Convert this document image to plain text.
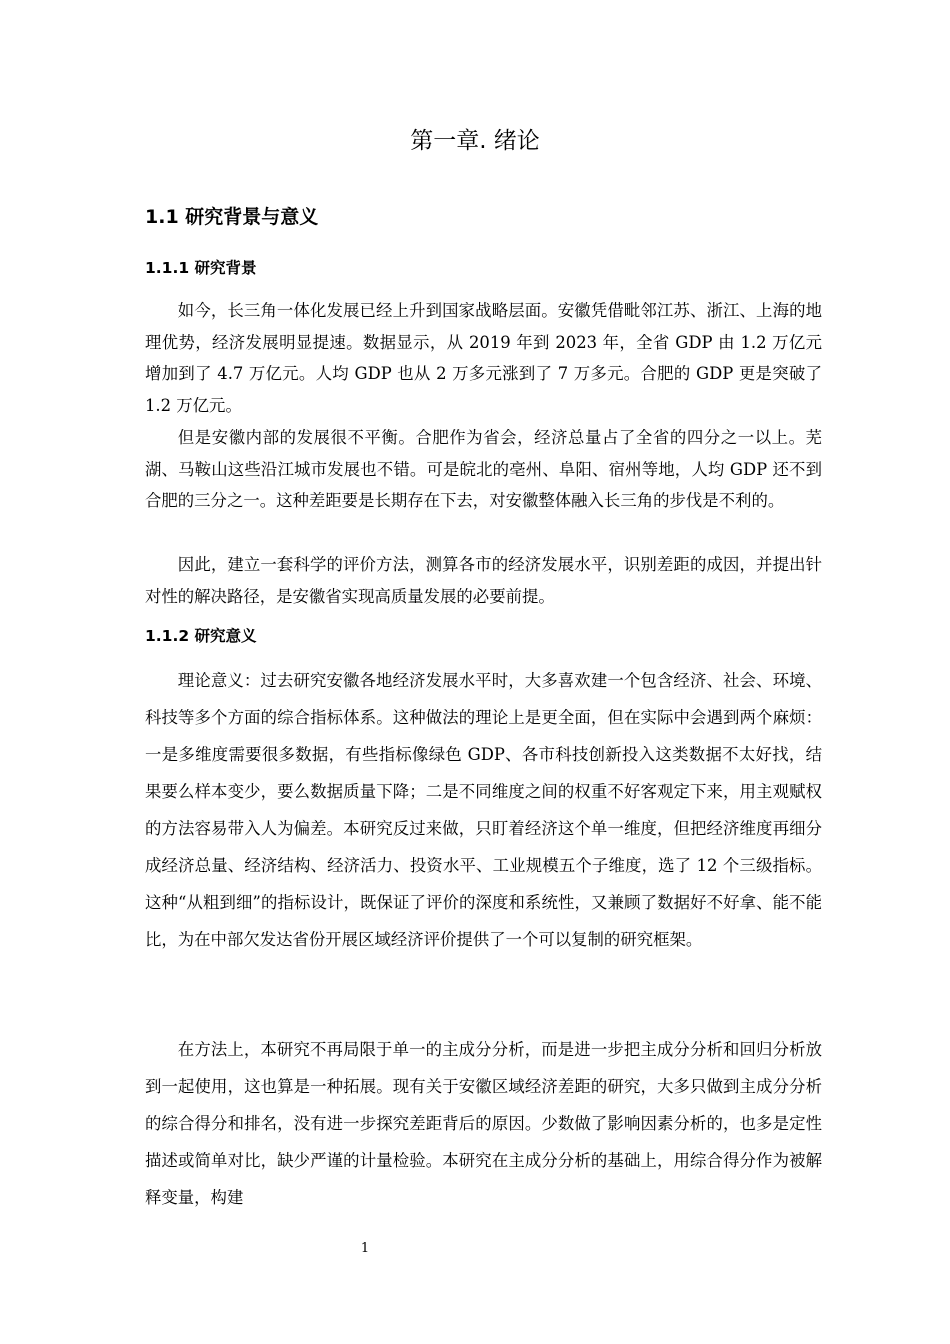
第一章. 绪论
1.1 研究背景与意义
1.1.1 研究背景

如今，长三角一体化发展已经上升到国家战略层面。安徽凭借毗邻江苏、浙江、上海的地理优势，经济发展明显提速。数据显示，从 2019 年到 2023 年，全省 GDP 由 1.2 万亿元增加到了 4.7 万亿元。人均 GDP 也从 2 万多元涨到了 7 万多元。合肥的 GDP 更是突破了 1.2 万亿元。

但是安徽内部的发展很不平衡。合肥作为省会，经济总量占了全省的四分之一以上。芜湖、马鞍山这些沿江城市发展也不错。可是皖北的亳州、阜阳、宿州等地，人均 GDP 还不到合肥的三分之一。这种差距要是长期存在下去，对安徽整体融入长三角的步伐是不利的。

因此，建立一套科学的评价方法，测算各市的经济发展水平，识别差距的成因，并提出针对性的解决路径，是安徽省实现高质量发展的必要前提。

1.1.2 研究意义

理论意义：过去研究安徽各地经济发展水平时，大多喜欢建一个包含经济、社会、环境、科技等多个方面的综合指标体系。这种做法的理论上是更全面，但在实际中会遇到两个麻烦：一是多维度需要很多数据，有些指标像绿色 GDP、各市科技创新投入这类数据不太好找，结果要么样本变少，要么数据质量下降；二是不同维度之间的权重不好客观定下来，用主观赋权的方法容易带入人为偏差。本研究反过来做，只盯着经济这个单一维度，但把经济维度再细分成经济总量、经济结构、经济活力、投资水平、工业规模五个子维度，选了 12 个三级指标。这种“从粗到细”的指标设计，既保证了评价的深度和系统性，又兼顾了数据好不好拿、能不能比，为在中部欠发达省份开展区域经济评价提供了一个可以复制的研究框架。

在方法上，本研究不再局限于单一的主成分分析，而是进一步把主成分分析和回归分析放到一起使用，这也算是一种拓展。现有关于安徽区域经济差距的研究，大多只做到主成分分析的综合得分和排名，没有进一步探究差距背后的原因。少数做了影响因素分析的，也多是定性描述或简单对比，缺少严谨的计量检验。本研究在主成分分析的基础上，用综合得分作为被解释变量，构建

1
